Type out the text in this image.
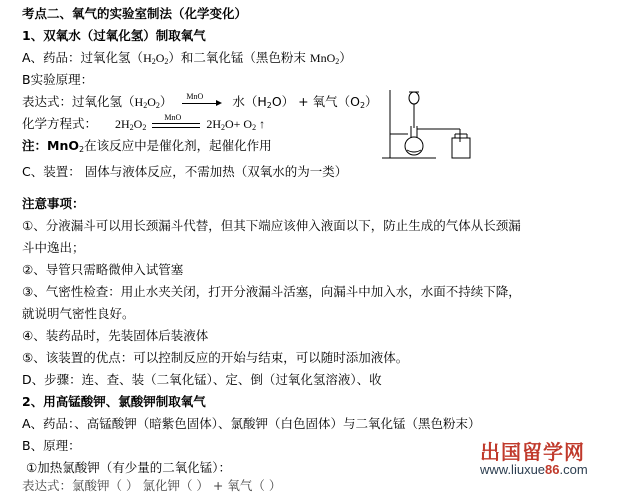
考点二、氧气的实验室制法（化学变化）
1、双氧水（过氧化氢）制取氧气
A、药品：过氧化氢$(H_2O_2)$和二氧化锰（黑色粉末 MnO$_2$）
B实验原理：
表达式：过氧化氢$(H_2O_2)$ MnO 水$(H_2O)$ + 氧气$(O_2)$
化学方程式： $2H_2O_2$
MnO $2H_2O+ O_2$ ↑
注：MnO$_2$在该反应中是催化剂，起催化作用
C、装置： 固体与液体反应，不需加热（双氧水的为一类）
注意事项：
①、分液漏斗可以用长颈漏斗代替，但其下端应该伸入液面以下，防止生成的气体从长颈漏
斗中逸出；
②、导管只需略微伸入试管塞
③、气密性检查：用止水夹关闭，打开分液漏斗活塞，向漏斗中加入水，水面不持续下降，
就说明气密性良好。
④、装药品时，先装固体后装液体
⑤、该装置的优点：可以控制反应的开始与结束，可以随时添加液体。
D、步骤：连、查、装（二氧化锰）、定、倒（过氧化氢溶液）、收
2、用高锰酸钾、氯酸钾制取氧气
A、药品：、高锰酸钾（暗紫色固体）、氯酸钾（白色固体）与二氧化锰（黑色粉末）
B、原理：
①加热氯酸钾（有少量的二氧化锰）：
表达式：氯酸钾（ ） 氯化钾（ ） + 氧气（ ）
出国留学网
www.liuxue86.com
